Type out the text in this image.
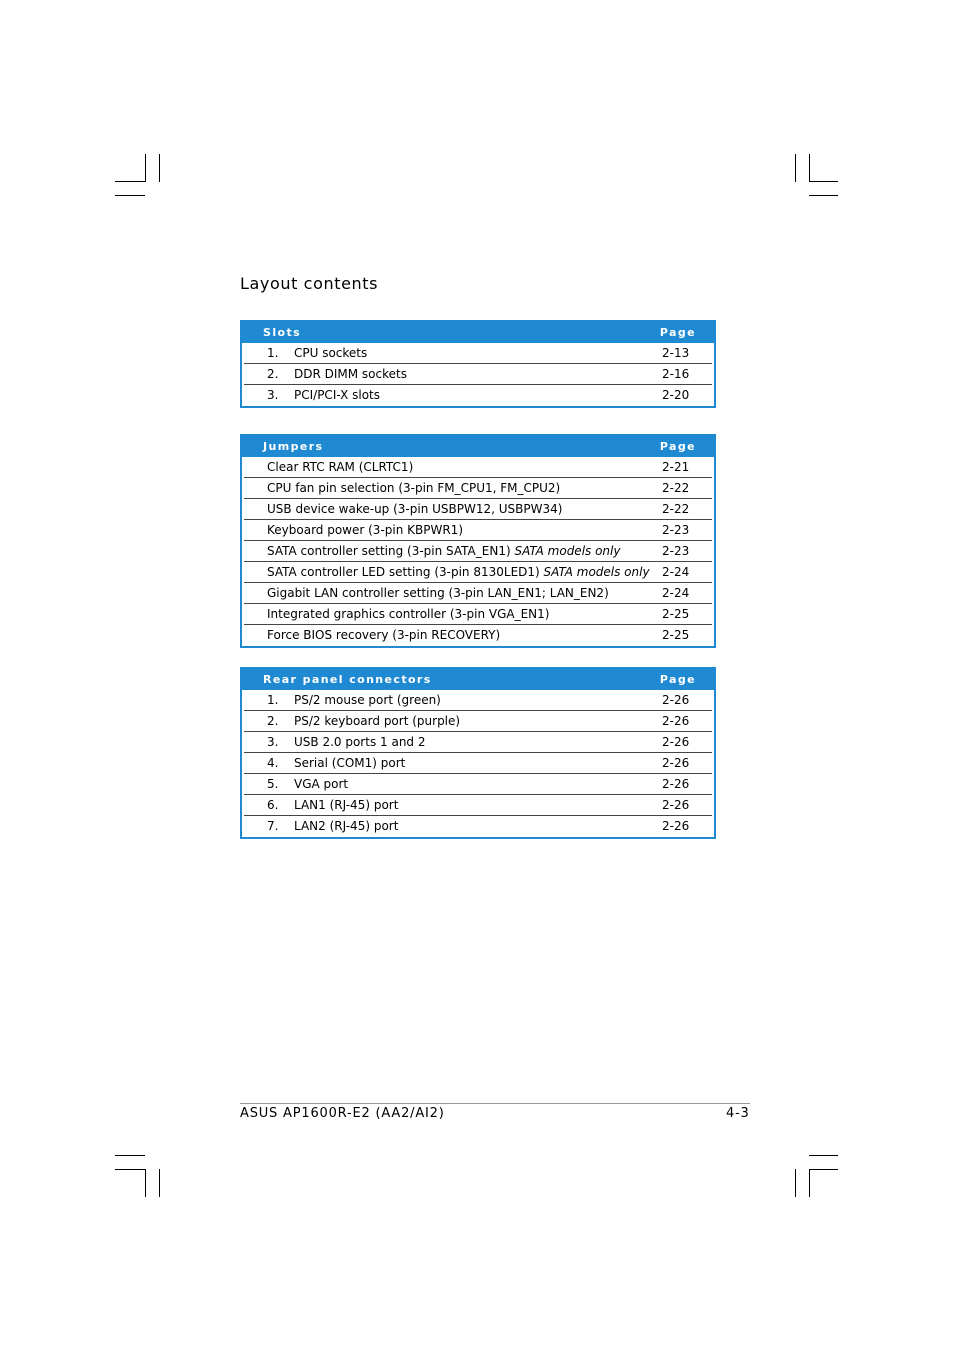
Layout contents
Slots	Page
1.	CPU sockets	2-13
2.	DDR DIMM sockets	2-16
3.	PCI/PCI-X slots	2-20
Jumpers	Page
Clear RTC RAM (CLRTC1)	2-21
CPU fan pin selection (3-pin FM_CPU1, FM_CPU2)	2-22
USB device wake-up (3-pin USBPW12, USBPW34)	2-22
Keyboard power (3-pin KBPWR1)	2-23
SATA controller setting (3-pin SATA_EN1) SATA models only	2-23
SATA controller LED setting (3-pin 8130LED1) SATA models only	2-24
Gigabit LAN controller setting (3-pin LAN_EN1; LAN_EN2)	2-24
Integrated graphics controller (3-pin VGA_EN1)	2-25
Force BIOS recovery (3-pin RECOVERY)	2-25
Rear panel connectors	Page
1.	PS/2 mouse port (green)	2-26
2.	PS/2 keyboard port (purple)	2-26
3.	USB 2.0 ports 1 and 2	2-26
4.	Serial (COM1) port	2-26
5.	VGA port	2-26
6.	LAN1 (RJ-45) port	2-26
7.	LAN2 (RJ-45) port	2-26
ASUS AP1600R-E2 (AA2/AI2)	4-3
